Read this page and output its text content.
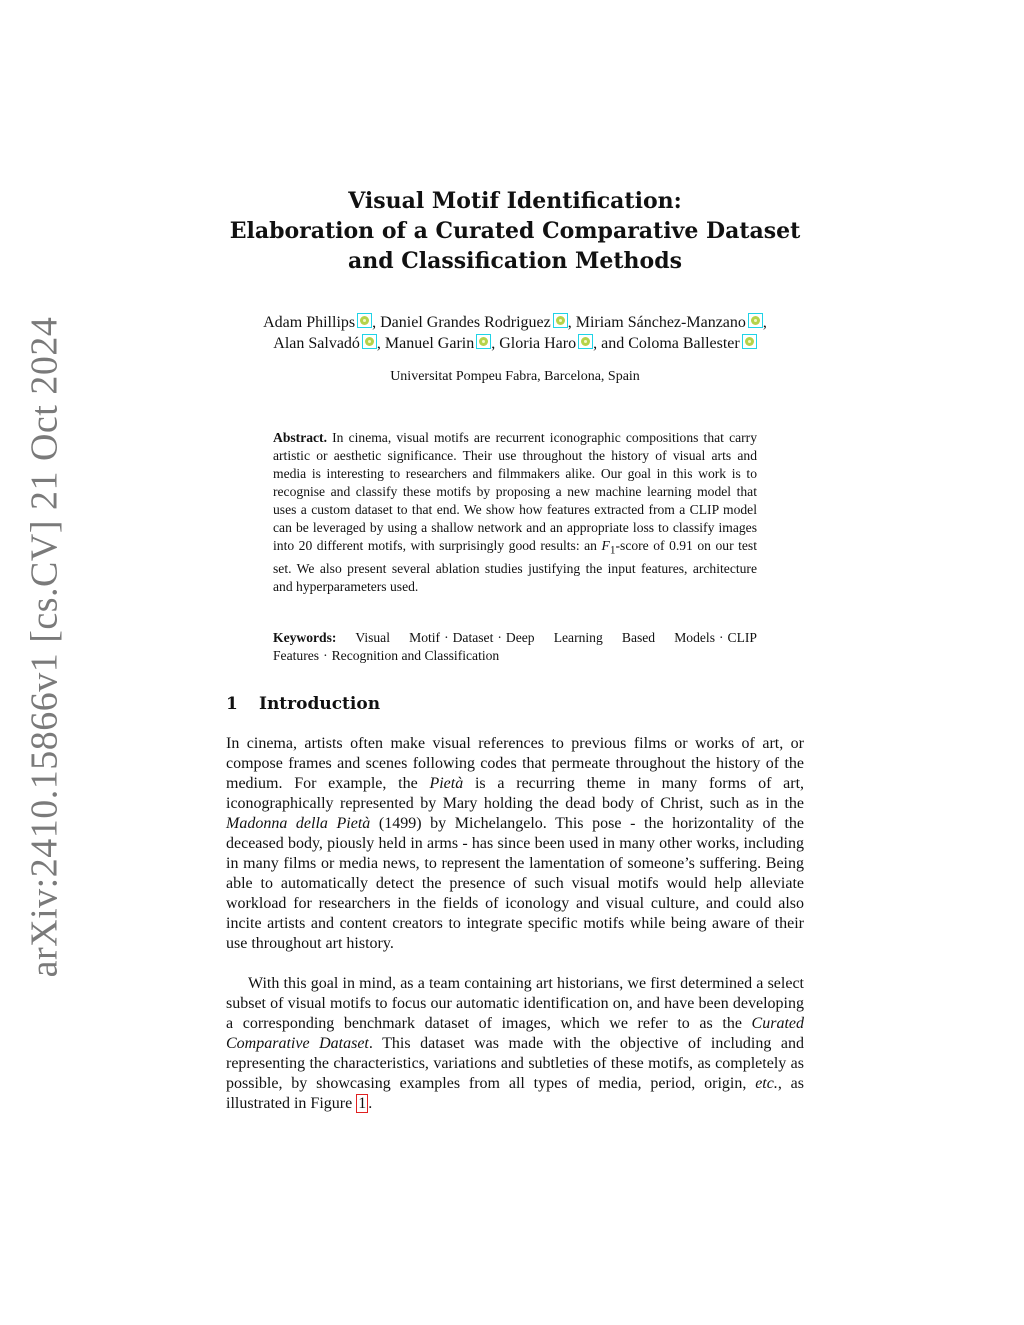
arXiv:2410.15866v1 [cs.CV] 21 Oct 2024
Visual Motif Identification:
Elaboration of a Curated Comparative Dataset
and Classification Methods
Adam Phillips , Daniel Grandes Rodriguez , Miriam Sánchez-Manzano ,
Alan Salvadó , Manuel Garin , Gloria Haro , and Coloma Ballester
Universitat Pompeu Fabra, Barcelona, Spain
Abstract. In cinema, visual motifs are recurrent iconographic compositions that carry artistic or aesthetic significance. Their use throughout the history of visual arts and media is interesting to researchers and filmmakers alike. Our goal in this work is to recognise and classify these motifs by proposing a new machine learning model that uses a custom dataset to that end. We show how features extracted from a CLIP model can be leveraged by using a shallow network and an appropriate loss to classify images into 20 different motifs, with surprisingly good results: an $F_1$-score of 0.91 on our test set. We also present several ablation studies justifying the input features, architecture and hyperparameters used.
Keywords: Visual Motif · Dataset · Deep Learning Based Models · CLIP Features · Recognition and Classification
1 Introduction
In cinema, artists often make visual references to previous films or works of art, or compose frames and scenes following codes that permeate throughout the history of the medium. For example, the Pietà is a recurring theme in many forms of art, iconographically represented by Mary holding the dead body of Christ, such as in the Madonna della Pietà (1499) by Michelangelo. This pose - the horizontality of the deceased body, piously held in arms - has since been used in many other works, including in many films or media news, to represent the lamentation of someone’s suffering. Being able to automatically detect the presence of such visual motifs would help alleviate workload for researchers in the fields of iconology and visual culture, and could also incite artists and content creators to integrate specific motifs while being aware of their use throughout art history.
With this goal in mind, as a team containing art historians, we first determined a select subset of visual motifs to focus our automatic identification on, and have been developing a corresponding benchmark dataset of images, which we refer to as the Curated Comparative Dataset. This dataset was made with the objective of including and representing the characteristics, variations and subtleties of these motifs, as completely as possible, by showcasing examples from all types of media, period, origin, etc., as illustrated in Figure 1 .
